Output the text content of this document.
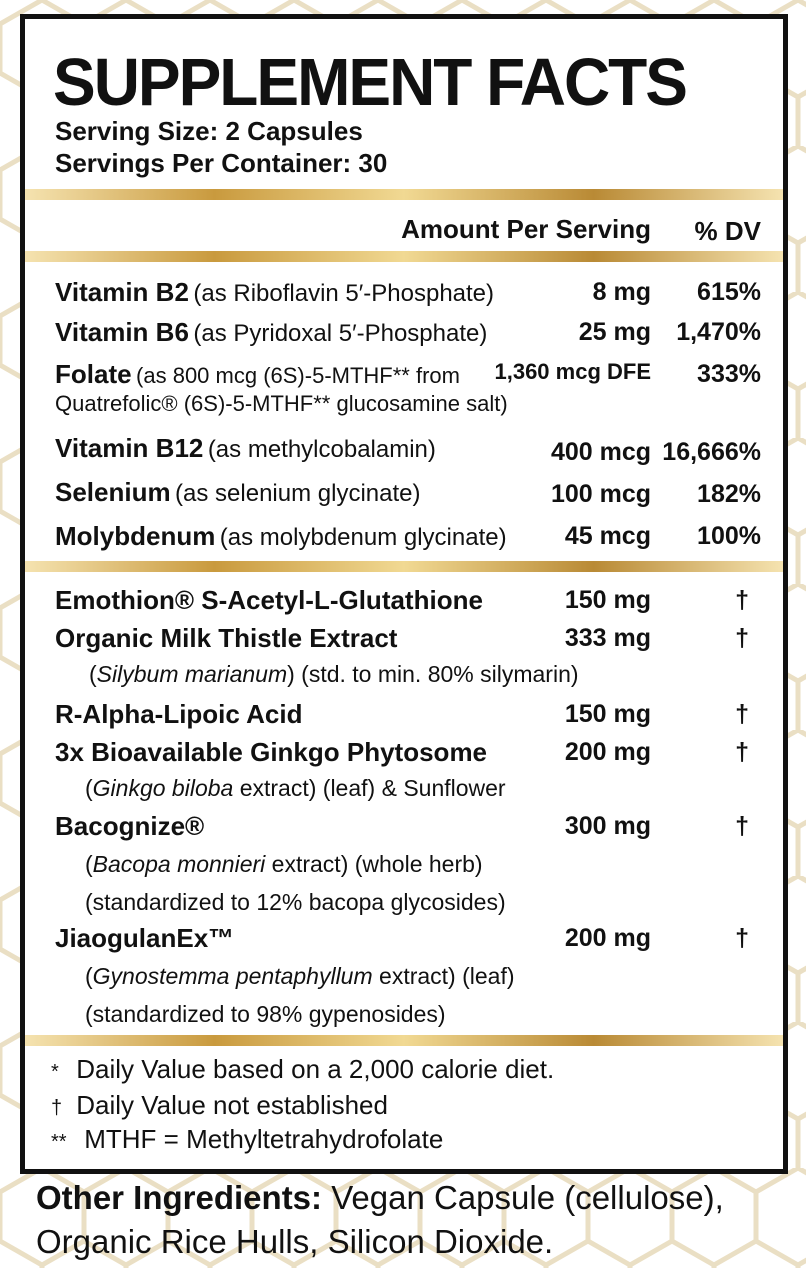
SUPPLEMENT FACTS
Serving Size: 2 Capsules
Servings Per Container: 30
Amount Per Serving % DV
Vitamin B2 (as Riboflavin 5′-Phosphate)	8 mg 615%
Vitamin B6 (as Pyridoxal 5′-Phosphate)	25 mg 1,470%
Folate (as 800 mcg (6S)-5-MTHF** from
Quatrefolic® (6S)-5-MTHF** glucosamine salt)
1,360 mcg DFE 333%
Vitamin B12 (as methylcobalamin)	400 mcg 16,666%
Selenium (as selenium glycinate)	100 mcg 182%
Molybdenum (as molybdenum glycinate) 45 mcg 100%
Emothion® S-Acetyl-L-Glutathione	150 mg	†
Organic Milk Thistle Extract	333 mg	†
(Silybum marianum) (std. to min. 80% silymarin)
R-Alpha-Lipoic Acid	150 mg	†
3x Bioavailable Ginkgo Phytosome	200 mg	†
(Ginkgo biloba extract) (leaf) & Sunflower
Bacognize®	300 mg	†
(Bacopa monnieri extract) (whole herb)
(standardized to 12% bacopa glycosides)
JiaogulanEx™	200 mg	†
(Gynostemma pentaphyllum extract) (leaf)
(standardized to 98% gypenosides)
* Daily Value based on a 2,000 calorie diet.
† Daily Value not established
** MTHF = Methyltetrahydrofolate
Other Ingredients: Vegan Capsule (cellulose),
Organic Rice Hulls, Silicon Dioxide.
